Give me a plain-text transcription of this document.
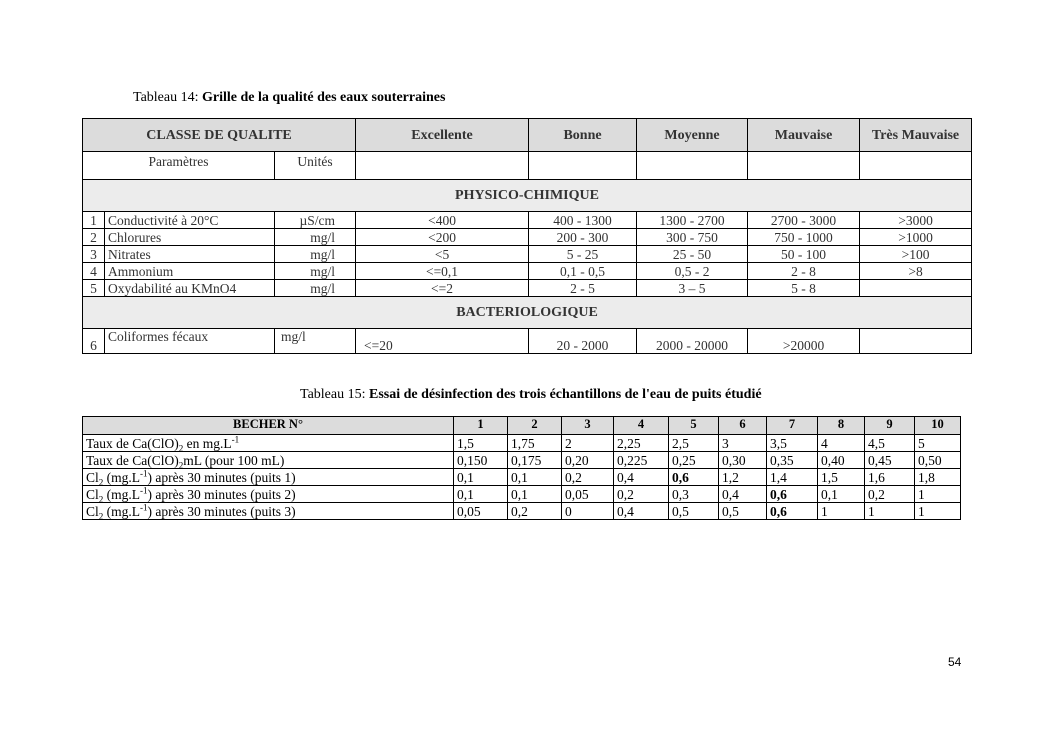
Tableau 14: Grille de la qualité des eaux souterraines
CLASSE DE QUALITE			Excellente	Bonne	Moyenne	Mauvaise	Très Mauvaise
Paramètres		Unités					
PHYSICO-CHIMIQUE							
1	Conductivité à 20°C	µS/cm	<400	400 - 1300	1300 - 2700	2700 - 3000	>3000
2	Chlorures	mg/l	<200	200 - 300	300 - 750	750 - 1000	>1000
3	Nitrates	mg/l	<5	5 - 25	25 - 50	50 - 100	>100
4	Ammonium	mg/l	<=0,1	0,1 - 0,5	0,5 - 2	2 - 8	>8
5	Oxydabilité au KMnO4	mg/l	<=2	2 - 5	3 – 5	5 - 8	
BACTERIOLOGIQUE							
6	Coliformes fécaux	mg/l	<=20	20 - 2000	2000 - 20000	>20000	
Tableau 15: Essai de désinfection des trois échantillons de l'eau de puits étudié
BECHER N°	1	2	3	4	5	6	7	8	9	10
Taux de $Ca(ClO)_2$ en $mg.L^{-1}$	1,5	1,75	2	2,25	2,5	3	3,5	4	4,5	5
Taux de $Ca(ClO)_2mL$ (pour 100 mL)	0,150	0,175	0,20	0,225	0,25	0,30	0,35	0,40	0,45	0,50
$Cl_2$ $(mg.L^{-1})$ après 30 minutes (puits 1)	0,1	0,1	0,2	0,4	0,6	1,2	1,4	1,5	1,6	1,8
$Cl_2$ $(mg.L^{-1})$ après 30 minutes (puits 2)	0,1	0,1	0,05	0,2	0,3	0,4	0,6	0,1	0,2	1
$Cl_2$ $(mg.L^{-1})$ après 30 minutes (puits 3)	0,05	0,2	0	0,4	0,5	0,5	0,6	1	1	1
54
